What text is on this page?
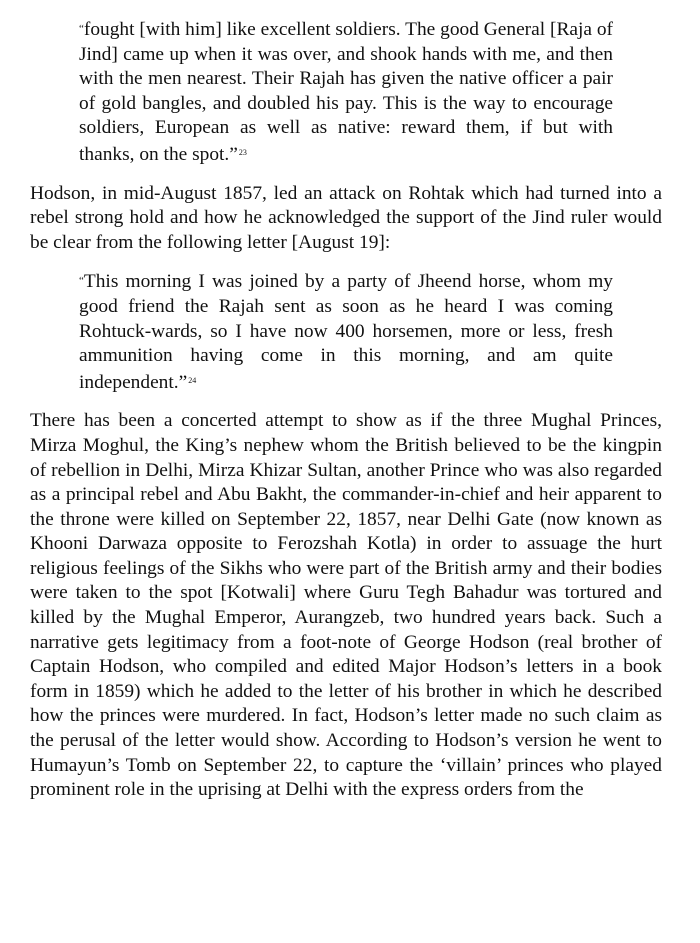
“fought [with him] like excellent soldiers. The good General [Raja of Jind] came up when it was over, and shook hands with me, and then with the men nearest. Their Rajah has given the native officer a pair of gold bangles, and doubled his pay. This is the way to encourage soldiers, European as well as native: reward them, if but with thanks, on the spot.”$^{23}$

Hodson, in mid-August 1857, led an attack on Rohtak which had turned into a rebel strong hold and how he acknowledged the support of the Jind ruler would be clear from the following letter [August 19]:

“This morning I was joined by a party of Jheend horse, whom my good friend the Rajah sent as soon as he heard I was coming Rohtuck-wards, so I have now 400 horsemen, more or less, fresh ammunition having come in this morning, and am quite independent.”$^{24}$

There has been a concerted attempt to show as if the three Mughal Princes, Mirza Moghul, the King’s nephew whom the British believed to be the kingpin of rebellion in Delhi, Mirza Khizar Sultan, another Prince who was also regarded as a principal rebel and Abu Bakht, the commander-in-chief and heir apparent to the throne were killed on September 22, 1857, near Delhi Gate (now known as Khooni Darwaza opposite to Ferozshah Kotla) in order to assuage the hurt religious feelings of the Sikhs who were part of the British army and their bodies were taken to the spot [Kotwali] where Guru Tegh Bahadur was tortured and killed by the Mughal Emperor, Aurangzeb, two hundred years back. Such a narrative gets legitimacy from a foot-note of George Hodson (real brother of Captain Hodson, who compiled and edited Major Hodson’s letters in a book form in 1859) which he added to the letter of his brother in which he described how the princes were murdered. In fact, Hodson’s letter made no such claim as the perusal of the letter would show. According to Hodson’s version he went to Humayun’s Tomb on September 22, to capture the ‘villain’ princes who played prominent role in the uprising at Delhi with the express orders from the
